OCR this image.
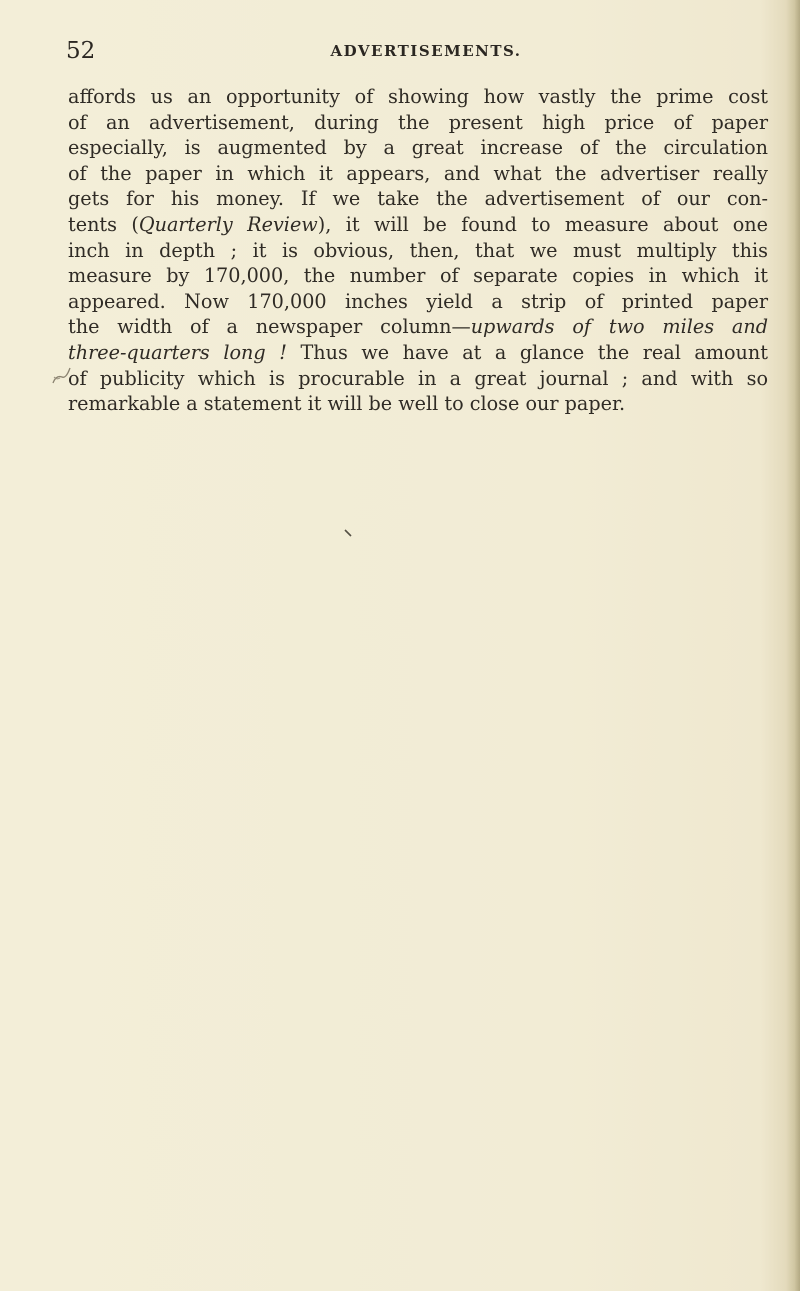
52	ADVERTISEMENTS.
affords us an opportunity of showing how vastly the prime cost
of an advertisement, during the present high price of paper
especially, is augmented by a great increase of the circulation
of the paper in which it appears, and what the advertiser really
gets for his money. If we take the advertisement of our con-
tents (Quarterly Review), it will be found to measure about one
inch in depth ; it is obvious, then, that we must multiply this
measure by 170,000, the number of separate copies in which it
appeared. Now 170,000 inches yield a strip of printed paper
the width of a newspaper column—upwards of two miles and
three-quarters long ! Thus we have at a glance the real amount
of publicity which is procurable in a great journal ; and with so
remarkable a statement it will be well to close our paper.
